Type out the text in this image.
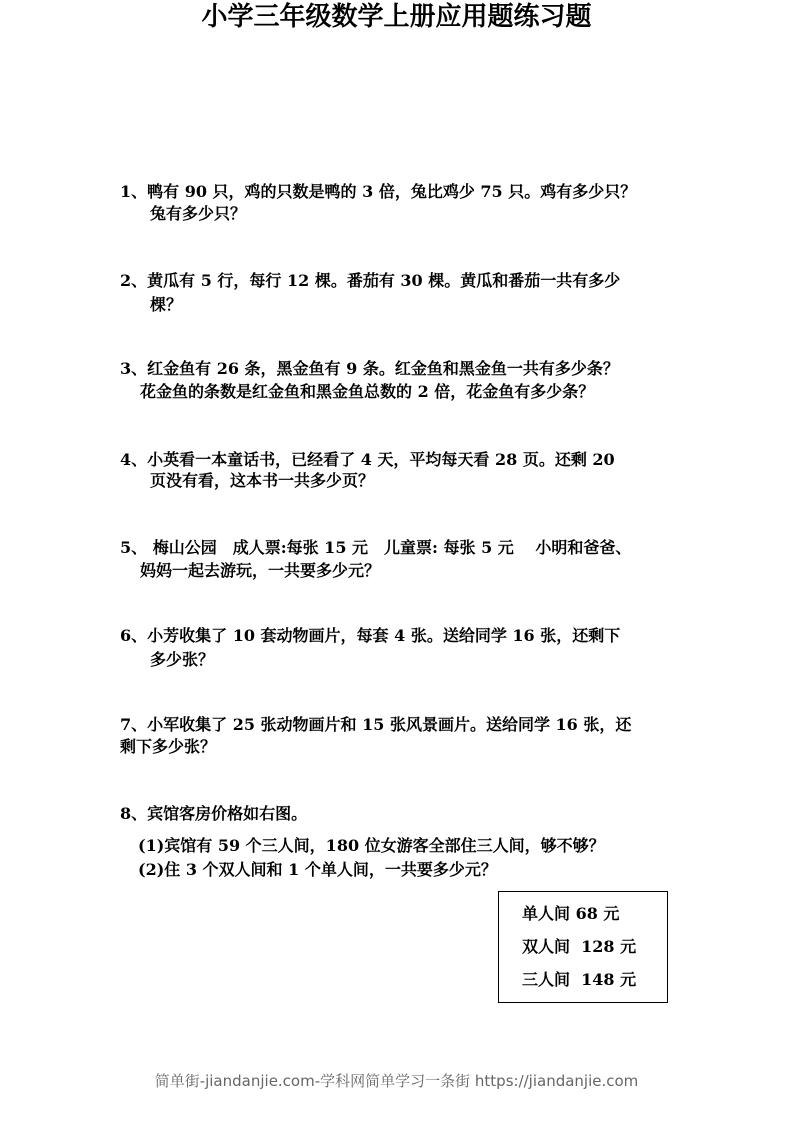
小学三年级数学上册应用题练习题
1、鸭有 90 只，鸡的只数是鸭的 3 倍，兔比鸡少 75 只。鸡有多少只？
兔有多少只？
2、黄瓜有 5 行，每行 12 棵。番茄有 30 棵。黄瓜和番茄一共有多少
棵？
3、红金鱼有 26 条，黑金鱼有 9 条。红金鱼和黑金鱼一共有多少条？
花金鱼的条数是红金鱼和黑金鱼总数的 2 倍，花金鱼有多少条？
4、小英看一本童话书，已经看了 4 天，平均每天看 28 页。还剩 20
页没有看，这本书一共多少页？
5、 梅山公园　成人票:每张 15 元　儿童票: 每张 5 元　 小明和爸爸、
妈妈一起去游玩，一共要多少元？
6、小芳收集了 10 套动物画片，每套 4 张。送给同学 16 张，还剩下
多少张？
7、小军收集了 25 张动物画片和 15 张风景画片。送给同学 16 张，还
剩下多少张？
8、宾馆客房价格如右图。
(1)宾馆有 59 个三人间，180 位女游客全部住三人间，够不够？
(2)住 3 个双人间和 1 个单人间，一共要多少元？
单人间 68 元
双人间  128 元
三人间  148 元
简单街-jiandanjie.com-学科网简单学习一条街 https://jiandanjie.com
